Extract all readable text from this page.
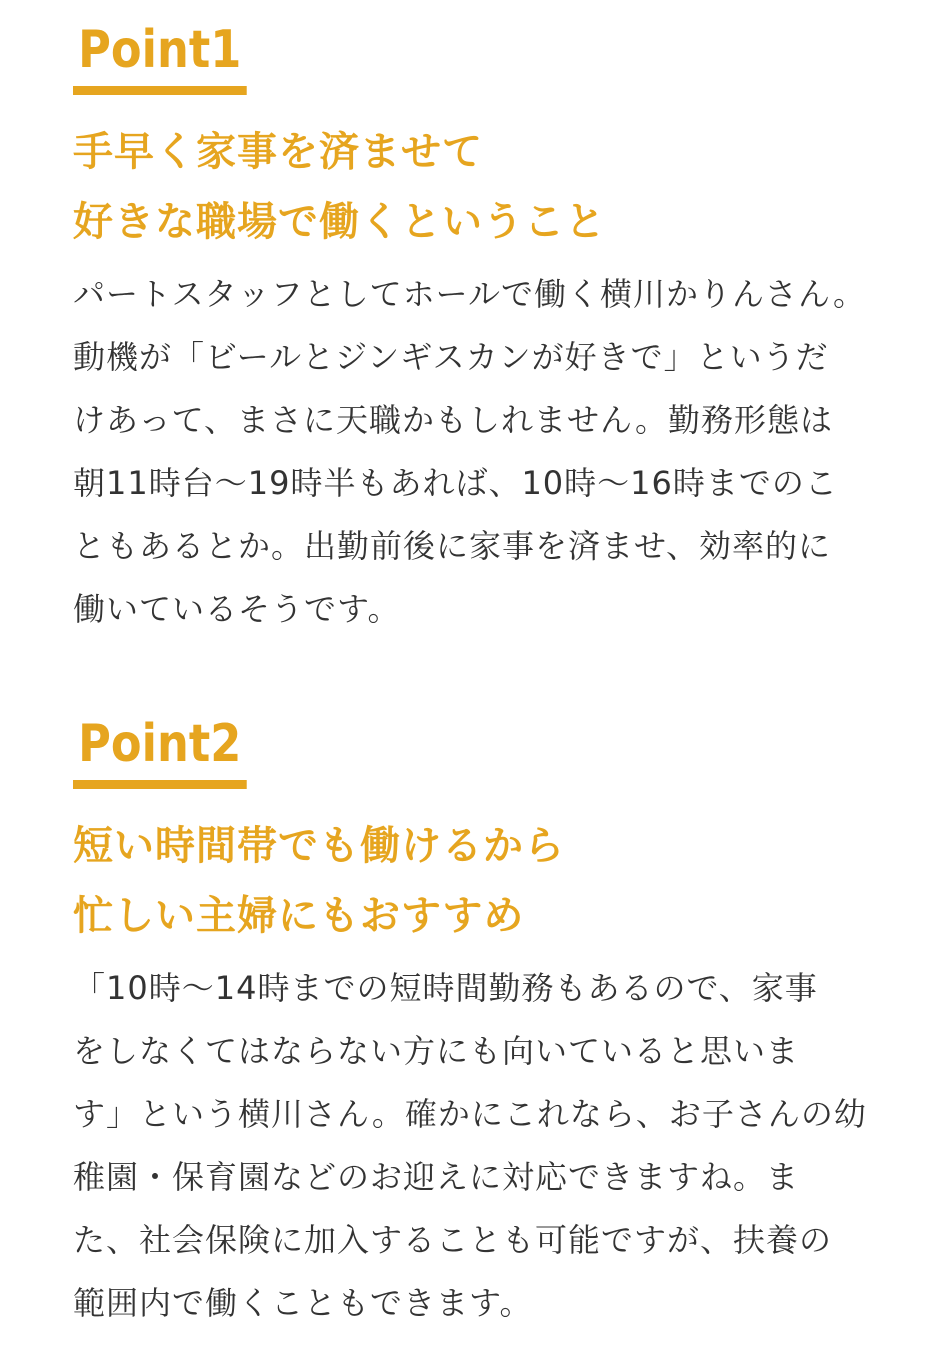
Point1
手早く家事を済ませて
好きな職場で働くということ
パートスタッフとしてホールで働く横川かりんさん。
動機が「ビールとジンギスカンが好きで」というだ
けあって、まさに天職かもしれません。勤務形態は
朝11時台〜19時半もあれば、10時〜16時までのこ
ともあるとか。出勤前後に家事を済ませ、効率的に
働いているそうです。
Point2
短い時間帯でも働けるから
忙しい主婦にもおすすめ
「10時〜14時までの短時間勤務もあるので、家事
をしなくてはならない方にも向いていると思いま
す」という横川さん。確かにこれなら、お子さんの幼
稚園・保育園などのお迎えに対応できますね。ま
た、社会保険に加入することも可能ですが、扶養の
範囲内で働くこともできます。
